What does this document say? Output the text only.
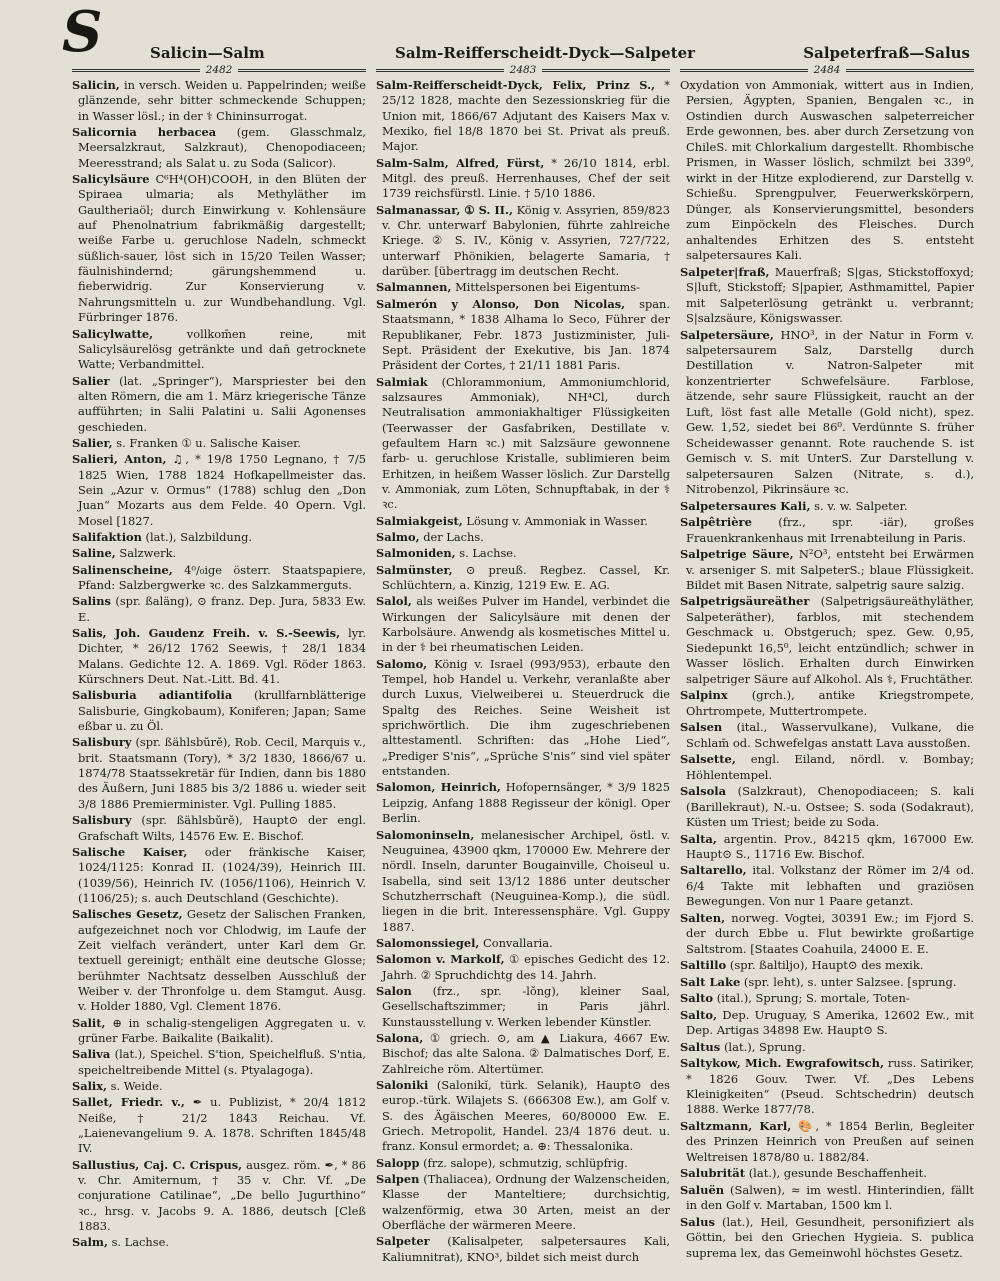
S	Salicin—Salm	Salm-Reifferscheidt-Dyck—Salpeter	Salpeterfraß—Salus
2482

Salicin, in versch. Weiden u. Pappelrinden; weiße glänzende, sehr bitter schmeckende Schuppen; in Wasser lösl.; in der ⚕ Chininsurrogat.

Salicornia herbacea (gem. Glasschmalz, Meersalzkraut, Salzkraut), Chenopodiaceen; Meeresstrand; als Salat u. zu Soda (Salicor).

Salicylsäure C⁶H⁴(OH)COOH, in den Blüten der Spiraea ulmaria; als Methyläther im Gaultheriaöl; durch Einwirkung v. Kohlensäure auf Phenolnatrium fabrikmäßig dargestellt; weiße Farbe u. geruchlose Nadeln, schmeckt süßlich-sauer, löst sich in 15/20 Teilen Wasser; fäulnishindernd; gärungshemmend u. fieberwidrig. Zur Konservierung v. Nahrungsmitteln u. zur Wundbehandlung. Vgl. Fürbringer 1876.

Salicylwatte,	vollkom̄en reine, mit Salicylsäurelösg getränkte und dan̄ getrocknete Watte; Verbandmittel.

Salier (lat. „Springer“), Marspriester bei den alten Römern, die am 1. März kriegerische Tänze aufführten; in Salii Palatini u. Salii Agonenses geschieden.

Salier, s. Franken ① u. Salische Kaiser.

Salieri, Anton, ♫, * 19/8 1750 Legnano, † 7/5 1825 Wien, 1788 1824 Hofkapellmeister das. Sein „Azur v. Ormus“ (1788) schlug den „Don Juan“ Mozarts aus dem Felde. 40 Opern. Vgl. Mosel [1827.

Salifaktion (lat.), Salzbildung.

Saline, Salzwerk.

Salinenscheine, 4⁰/₀ige österr. Staatspapiere, Pfand: Salzbergwerke ꝛc. des Salzkammerguts.

Salins (spr. ßaläng), ⊙ franz. Dep. Jura, 5833 Ew. E.

Salis, Joh. Gaudenz Freih. v. S.-Seewis, lyr. Dichter, * 26/12 1762 Seewis, † 28/1 1834 Malans. Gedichte 12. A. 1869. Vgl. Röder 1863. Kürschners Deut. Nat.-Litt. Bd. 41.

Salisburia adiantifolia (krullfarnblätterige Salisburie, Gingkobaum), Koniferen; Japan; Same eßbar u. zu Öl.

Salisbury (spr. ßählsbŭrĕ), Rob. Cecil, Marquis v., brit. Staatsmann (Tory), * 3/2 1830, 1866/67 u. 1874/78 Staatssekretär für Indien, dann bis 1880 des Äußern, Juni 1885 bis 3/2 1886 u. wieder seit 3/8 1886 Premierminister. Vgl. Pulling 1885.

Salisbury (spr. ßählsbŭrĕ), Haupt⊙ der engl. Grafschaft Wilts, 14576 Ew. E. Bischof.

Salische Kaiser, oder fränkische Kaiser, 1024/1125: Konrad II. (1024/39), Heinrich III. (1039/56), Heinrich IV. (1056/1106), Heinrich V. (1106/25); s. auch Deutschland (Geschichte).

Salisches Gesetz, Gesetz der Salischen Franken, aufgezeichnet noch vor Chlodwig, im Laufe der Zeit vielfach verändert, unter Karl dem Gr. textuell gereinigt; enthält eine deutsche Glosse; berühmter Nachtsatz desselben Ausschluß der Weiber v. der Thronfolge u. dem Stamgut. Ausg. v. Holder 1880, Vgl. Clement 1876.

Salit, ⊕ in schalig-stengeligen Aggregaten u. v. grüner Farbe. Baikalite (Baikalit).

Saliva (lat.), Speichel. S'tion, Speichelfluß. S'ntia, speicheltreibende Mittel (s. Ptyalagoga).

Salix, s. Weide.

Sallet, Friedr. v., ✒ u. Publizist, * 20/4 1812 Neiße, † 21/2 1843 Reichau. Vf. „Laienevangelium 9. A. 1878. Schriften 1845/48 IV.

Sallustius, Caj. C. Crispus, ausgez. röm. ✒, * 86 v. Chr. Amiternum, † 35 v. Chr. Vf. „De conjuratione Catilinae“, „De bello Jugurthino“ ꝛc., hrsg. v. Jacobs 9. A. 1886, deutsch [Cleß 1883.

Salm, s. Lachse.

2483

Salm-Reifferscheidt-Dyck, Felix, Prinz S., * 25/12 1828, machte den Sezessionskrieg für die Union mit, 1866/67 Adjutant des Kaisers Max v. Mexiko, fiel 18/8 1870 bei St. Privat als preuß. Major.

Salm-Salm, Alfred, Fürst, * 26/10 1814, erbl. Mitgl. des preuß. Herrenhauses, Chef der seit 1739 reichsfürstl. Linie. † 5/10 1886.

Salmanassar, ① S. II., König v. Assyrien, 859/823 v. Chr. unterwarf Babylonien, führte zahlreiche Kriege. ② S. IV., König v. Assyrien, 727/722, unterwarf Phönikien, belagerte Samaria, † darüber. [übertragg im deutschen Recht.

Salmannen, Mittelspersonen bei Eigentums-

Salmerón y Alonso, Don Nicolas, span. Staatsmann, * 1838 Alhama lo Seco, Führer der Republikaner, Febr. 1873 Justizminister, Juli-Sept. Präsident der Exekutive, bis Jan. 1874 Präsident der Cortes, † 21/11 1881 Paris.

Salmiak (Chlorammonium, Ammoniumchlorid, salzsaures Ammoniak), NH⁴Cl, durch Neutralisation ammoniakhaltiger Flüssigkeiten (Teerwasser der Gasfabriken, Destillate v. gefaultem Harn ꝛc.) mit Salzsäure gewonnene farb- u. geruchlose Kristalle, sublimieren beim Erhitzen, in heißem Wasser löslich. Zur Darstellg v. Ammoniak, zum Löten, Schnupftabak, in der ⚕ ꝛc.

Salmiakgeist, Lösung v. Ammoniak in Wasser.

Salmo, der Lachs.

Salmoniden, s. Lachse.

Salmünster, ⊙ preuß. Regbez. Cassel, Kr. Schlüchtern, a. Kinzig, 1219 Ew. E. AG.

Salol, als weißes Pulver im Handel, verbindet die Wirkungen der Salicylsäure mit denen der Karbolsäure. Anwendg als kosmetisches Mittel u. in der ⚕ bei rheumatischen Leiden.

Salomo, König v. Israel (993/953), erbaute den Tempel, hob Handel u. Verkehr, veranlaßte aber durch Luxus, Vielweiberei u. Steuerdruck die Spaltg des Reiches. Seine Weisheit ist sprichwörtlich. Die ihm zugeschriebenen alttestamentl. Schriften: das „Hohe Lied“, „Prediger S'nis“, „Sprüche S'nis“ sind viel später entstanden.

Salomon, Heinrich, Hofopernsänger, * 3/9 1825 Leipzig, Anfang 1888 Regisseur der königl. Oper Berlin.

Salomoninseln, melanesischer Archipel, östl. v. Neuguinea, 43900 qkm, 170000 Ew. Mehrere der nördl. Inseln, darunter Bougainville, Choiseul u. Isabella, sind seit 13/12 1886 unter deutscher Schutzherrschaft (Neuguinea-Komp.), die südl. liegen in die brit. Interessensphäre. Vgl. Guppy 1887.

Salomonssiegel, Convallaria.

Salomon v. Markolf, ① episches Gedicht des 12. Jahrh. ② Spruchdichtg des 14. Jahrh.

Salon (frz., spr. -lŏng), kleiner Saal, Gesellschaftszimmer; in Paris jährl. Kunstausstellung v. Werken lebender Künstler.

Salona, ① griech. ⊙, am ▲ Liakura, 4667 Ew. Bischof; das alte Salona. ② Dalmatisches Dorf, E. Zahlreiche röm. Altertümer.

Saloniki (Salonikĭ, türk. Selanik), Haupt⊙ des europ.-türk. Wilajets S. (666308 Ew.), am Golf v. S. des Ägäischen Meeres, 60/80000 Ew. E. Griech. Metropolit, Handel. 23/4 1876 deut. u. franz. Konsul ermordet; a. ⊕: Thessalonika.

Salopp (frz. salope), schmutzig, schlüpfrig.

Salpen (Thaliacea), Ordnung der Walzenscheiden, Klasse der Manteltiere; durchsichtig, walzenförmig, etwa 30 Arten, meist an der Oberfläche der wärmeren Meere.

Salpeter (Kalisalpeter, salpetersaures Kali, Kaliumnitrat), KNO³, bildet sich meist durch

2484

Oxydation von Ammoniak, wittert aus in Indien, Persien, Ägypten, Spanien, Bengalen ꝛc., in Ostindien durch Auswaschen salpeterreicher Erde gewonnen, bes. aber durch Zersetzung von ChileS. mit Chlorkalium dargestellt. Rhombische Prismen, in Wasser löslich, schmilzt bei 339⁰, wirkt in der Hitze explodierend, zur Darstellg v. Schießu. Sprengpulver, Feuerwerkskörpern, Dünger, als Konservierungsmittel, besonders zum Einpöckeln des Fleisches. Durch anhaltendes Erhitzen des S. entsteht salpetersaures Kali.

Salpeter|fraß, Mauerfraß; S|gas, Stickstoffoxyd; S|luft, Stickstoff; S|papier, Asthmamittel, Papier mit Salpeterlösung getränkt u. verbrannt; S|salzsäure, Königswasser.

Salpetersäure, HNO³, in der Natur in Form v. salpetersaurem Salz, Darstellg durch Destillation v. Natron-Salpeter mit konzentrierter Schwefelsäure. Farblose, ätzende, sehr saure Flüssigkeit, raucht an der Luft, löst fast alle Metalle (Gold nicht), spez. Gew. 1,52, siedet bei 86⁰. Verdünnte S. früher Scheidewasser genannt. Rote rauchende S. ist Gemisch v. S. mit UnterS. Zur Darstellung v. salpetersauren Salzen (Nitrate, s. d.), Nitrobenzol, Pikrinsäure ꝛc.

Salpetersaures Kali, s. v. w. Salpeter.

Salpêtrière (frz., spr. -iär), großes Frauenkrankenhaus mit Irrenabteilung in Paris.

Salpetrige Säure, N²O³, entsteht bei Erwärmen v. arseniger S. mit SalpeterS.; blaue Flüssigkeit. Bildet mit Basen Nitrate, salpetrig saure salzig.

Salpetrigsäureäther (Salpetrigsäureäthyläther, Salpeteräther), farblos, mit stechendem Geschmack u. Obstgeruch; spez. Gew. 0,95, Siedepunkt 16,5⁰, leicht entzündlich; schwer in Wasser löslich. Erhalten durch Einwirken salpetriger Säure auf Alkohol. Als ⚕, Fruchtäther.

Salpinx (grch.), antike Kriegstrompete, Ohrtrompete, Muttertrompete.

Salsen (ital., Wasservulkane), Vulkane, die Schlam̄ od. Schwefelgas anstatt Lava ausstoßen.

Salsette, engl. Eiland, nördl. v. Bombay; Höhlentempel.

Salsola (Salzkraut), Chenopodiaceen; S. kali (Barillekraut), N.-u. Ostsee; S. soda (Sodakraut), Küsten um Triest; beide zu Soda.

Salta, argentin. Prov., 84215 qkm, 167000 Ew. Haupt⊙ S., 11716 Ew. Bischof.

Saltarello, ital. Volkstanz der Römer im 2/4 od. 6/4 Takte mit lebhaften und graziösen Bewegungen. Von nur 1 Paare getanzt.

Salten, norweg. Vogtei, 30391 Ew.; im Fjord S. der durch Ebbe u. Flut bewirkte großartige Saltstrom. [Staates Coahuila, 24000 E. E.

Saltillo (spr. ßaltiljo), Haupt⊙ des mexik.

Salt Lake (spr. leht), s. unter Salzsee. [sprung.

Salto (ital.), Sprung; S. mortale, Toten-

Salto, Dep. Uruguay, S Amerika, 12602 Ew., mit Dep. Artigas 34898 Ew. Haupt⊙ S.

Saltus (lat.), Sprung.

Saltykow, Mich. Ewgrafowitsch, russ. Satiriker, * 1826 Gouv. Twer. Vf. „Des Lebens Kleinigkeiten“ (Pseud. Schtschedrin) deutsch 1888. Werke 1877/78.

Saltzmann, Karl, 🎨, * 1854 Berlin, Begleiter des Prinzen Heinrich von Preußen auf seinen Weltreisen 1878/80 u. 1882/84.

Salubrität (lat.), gesunde Beschaffenheit.

Saluën (Salwen), ≈ im westl. Hinterindien, fällt in den Golf v. Martaban, 1500 km l.

Salus (lat.), Heil, Gesundheit, personifiziert als Göttin, bei den Griechen Hygieia. S. publica suprema lex, das Gemeinwohl höchstes Gesetz.
